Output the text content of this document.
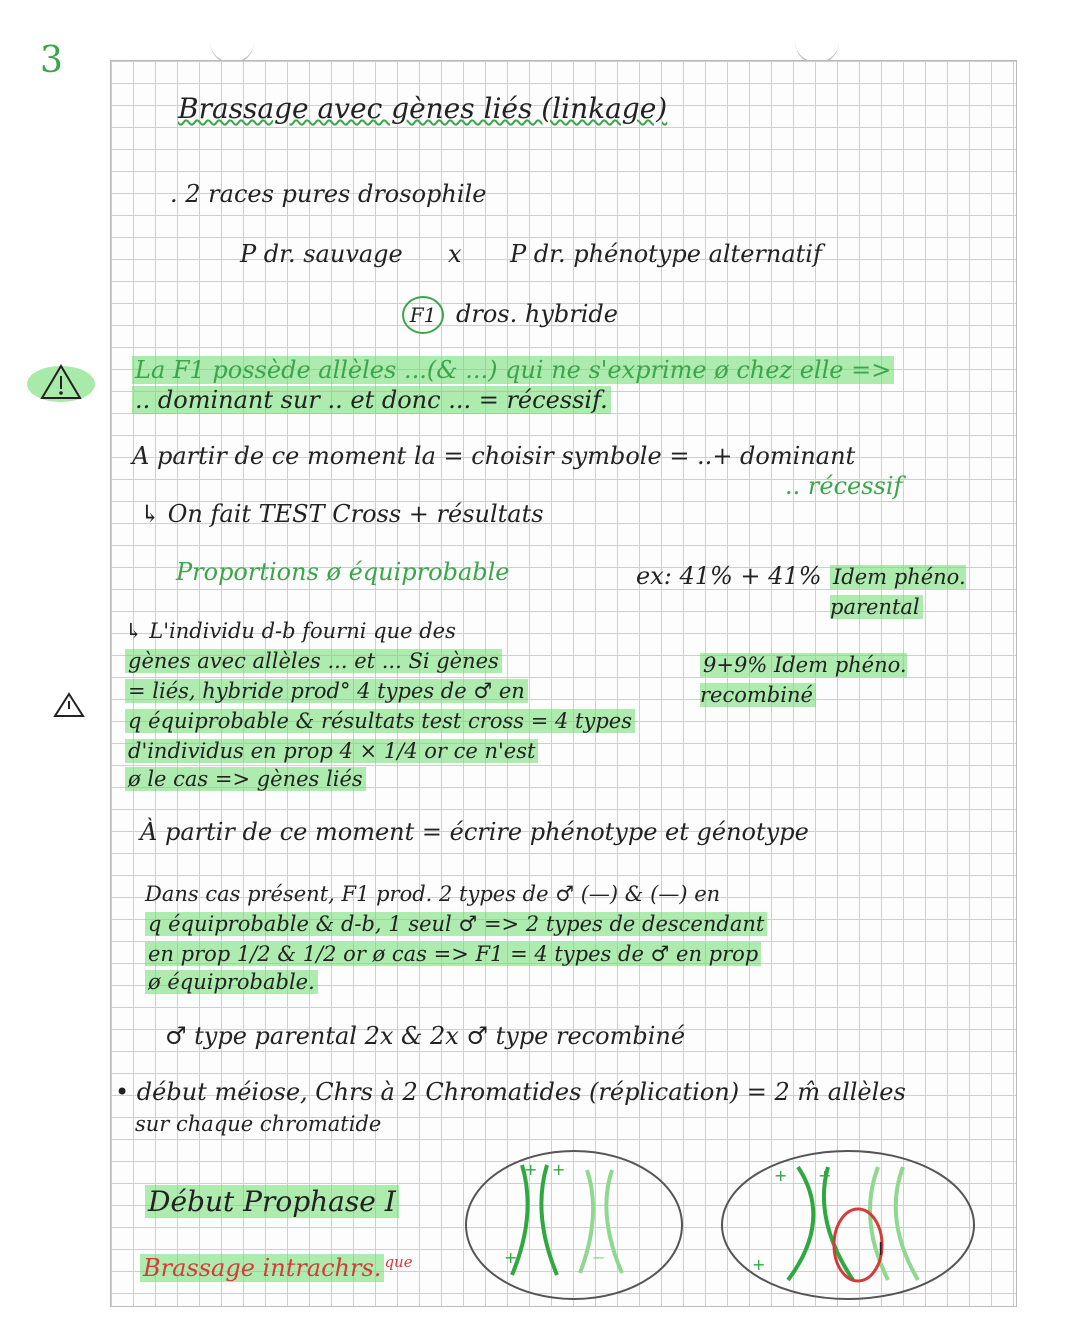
3
Brassage avec gènes liés (linkage)
. 2 races pures drosophile
P dr. sauvage x P dr. phénotype alternatif
F1 dros. hybride
La F1 possède allèles ...(& ...) qui ne s'exprime ø chez elle =>
.. dominant sur .. et donc ... = récessif.
A partir de ce moment la = choisir symbole = ..+ dominant
.. récessif
↳ On fait TEST Cross + résultats
Proportions ø équiprobable	ex: 41% + 41% Idem phéno. parental
↳ L'individu d-b fourni que des
gènes avec allèles ... et ... Si gènes
= liés, hybride prod° 4 types de ♂ en
q équiprobable & résultats test cross = 4 types
d'individus en prop 4 × 1/4 or ce n'est
ø le cas => gènes liés
9+9% Idem phéno. recombiné
À partir de ce moment = écrire phénotype et génotype
Dans cas présent, F1 prod. 2 types de ♂ (—) & (—) en
q équiprobable & d-b, 1 seul ♂ => 2 types de descendant
en prop 1/2 & 1/2 or ø cas => F1 = 4 types de ♂ en prop
ø équiprobable.
♂ type parental 2x & 2x ♂ type recombiné
• début méiose, Chrs à 2 Chromatides (réplication) = 2 m̂ allèles
sur chaque chromatide
Début Prophase I
Brassage intrachrs. $^{que}$
+ +
+	−
+ +
+
I
